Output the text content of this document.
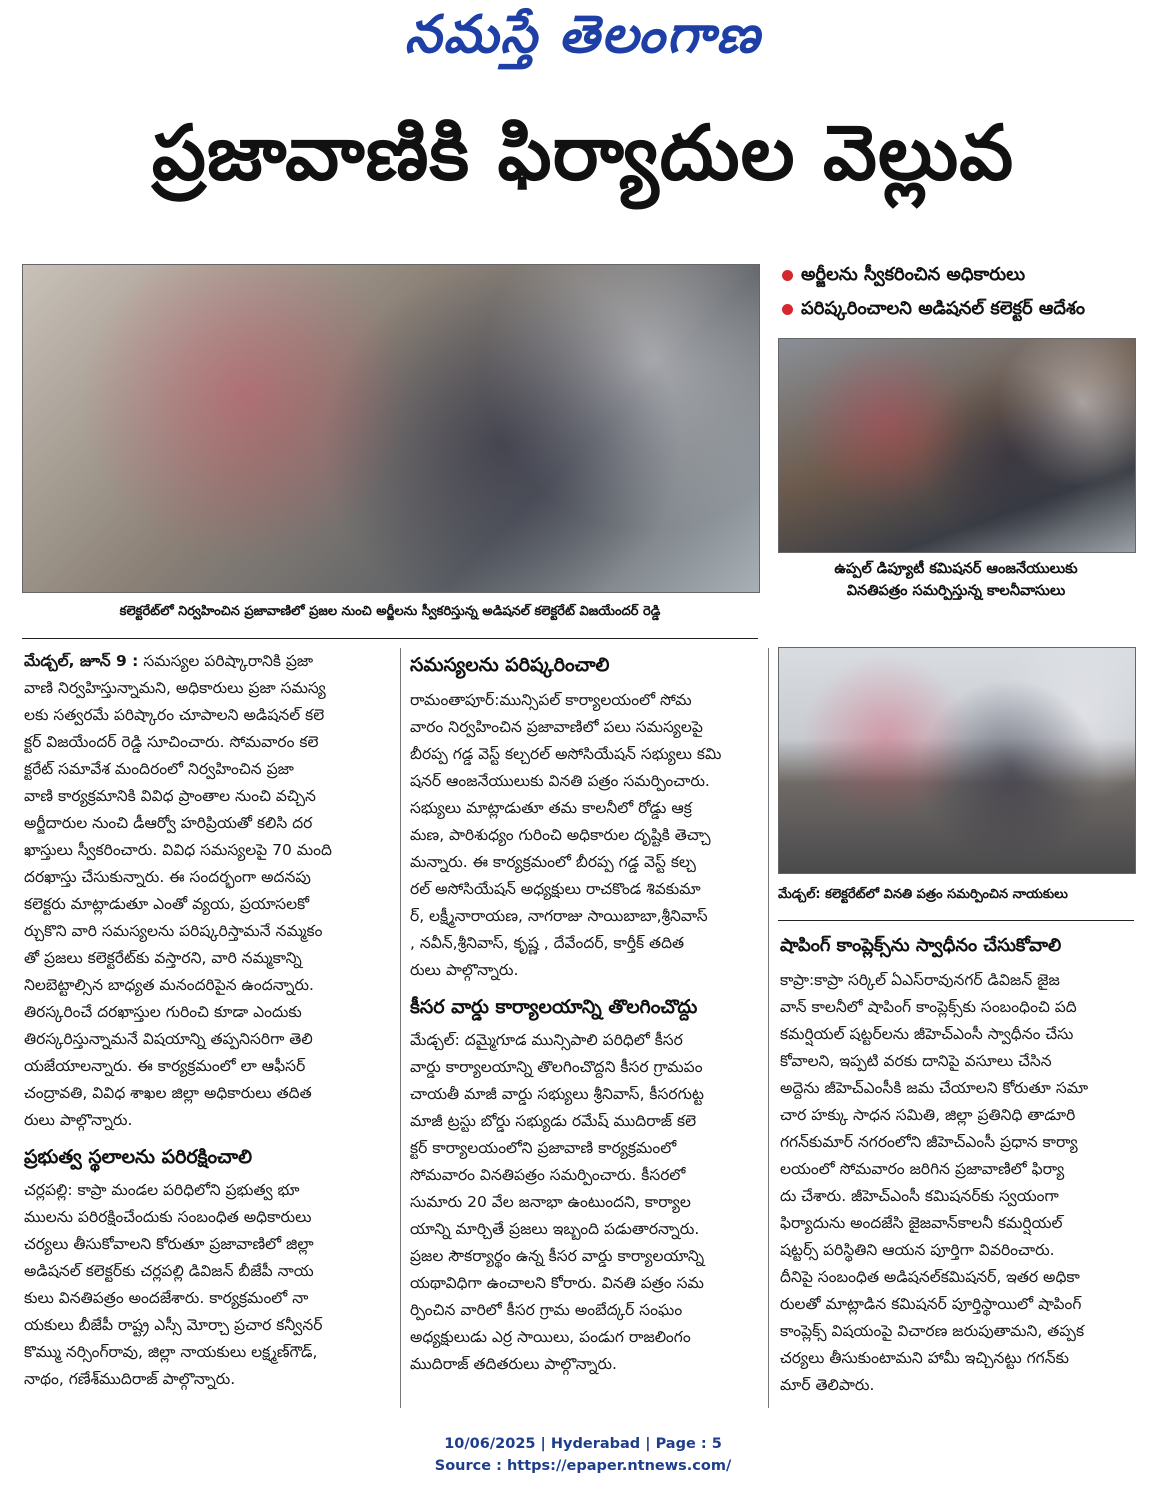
నమస్తే తెలంగాణ
ప్రజావాణికి ఫిర్యాదుల వెల్లువ
అర్జీలను స్వీకరించిన అధికారులు
పరిష్కరించాలని అడిషనల్ కలెక్టర్ ఆదేశం
ఉప్పల్ డిప్యూటీ కమిషనర్ ఆంజనేయులుకు
వినతిపత్రం సమర్పిస్తున్న కాలనీవాసులు
కలెక్టరేట్‌లో నిర్వహించిన ప్రజావాణిలో ప్రజల నుంచి అర్జీలను స్వీకరిస్తున్న అడిషనల్ కలెక్టరేట్ విజయేందర్ రెడ్డి
మేడ్చల్: కలెక్టరేట్‌లో వినతి పత్రం సమర్పించిన నాయకులు
మేడ్చల్, జూన్ 9 : సమస్యల పరిష్కారానికి ప్రజా
వాణి నిర్వహిస్తున్నామని, అధికారులు ప్రజా సమస్య
లకు సత్వరమే పరిష్కారం చూపాలని అడిషనల్ కలె
క్టర్ విజయేందర్ రెడ్డి సూచించారు. సోమవారం కలె
క్టరేట్ సమావేశ మందిరంలో నిర్వహించిన ప్రజా
వాణి కార్యక్రమానికి వివిధ ప్రాంతాల నుంచి వచ్చిన
అర్జీదారుల నుంచి డీఆర్వో హరిప్రియతో కలిసి దర
ఖాస్తులు స్వీకరించారు. వివిధ సమస్యలపై 70 మంది
దరఖాస్తు చేసుకున్నారు. ఈ సందర్భంగా అదనపు
కలెక్టరు మాట్లాడుతూ ఎంతో వ్యయ, ప్రయాసలకో
ర్చుకొని వారి సమస్యలను పరిష్కరిస్తామనే నమ్మకం
తో ప్రజలు కలెక్టరేట్‌కు వస్తారని, వారి నమ్మకాన్ని
నిలబెట్టాల్సిన బాధ్యత మనందరిపైన ఉందన్నారు.
తిరస్కరించే దరఖాస్తుల గురించి కూడా ఎందుకు
తిరస్కరిస్తున్నామనే విషయాన్ని తప్పనిసరిగా తెలి
యజేయాలన్నారు. ఈ కార్యక్రమంలో లా ఆఫీసర్
చంద్రావతి, వివిధ శాఖల జిల్లా అధికారులు తదిత
రులు పాల్గొన్నారు.
ప్రభుత్వ స్థలాలను పరిరక్షించాలి
చర్లపల్లి: కాప్రా మండల పరిధిలోని ప్రభుత్వ భూ
ములను పరిరక్షించేందుకు సంబంధిత అధికారులు
చర్యలు తీసుకోవాలని కోరుతూ ప్రజావాణిలో జిల్లా
అడిషనల్ కలెక్టర్‌కు చర్లపల్లి డివిజన్ బీజేపీ నాయ
కులు వినతిపత్రం అందజేశారు. కార్యక్రమంలో నా
యకులు బీజేపీ రాష్ట్ర ఎస్సీ మోర్చా ప్రచార కన్వీనర్
కొమ్ము నర్సింగ్‌రావు, జిల్లా నాయకులు లక్ష్మణ్‌గౌడ్,
నాథం, గణేశ్‌ముదిరాజ్ పాల్గొన్నారు.
సమస్యలను పరిష్కరించాలి
రామంతాపూర్:మున్సిపల్ కార్యాలయంలో సోమ
వారం నిర్వహించిన ప్రజావాణిలో పలు సమస్యలపై
బీరప్ప గడ్డ వెస్ట్ కల్చరల్ అసోసియేషన్ సభ్యులు కమి
షనర్ ఆంజనేయులుకు వినతి పత్రం సమర్పించారు.
సభ్యులు మాట్లాడుతూ తమ కాలనీలో రోడ్డు ఆక్ర
మణ, పారిశుధ్యం గురించి అధికారుల దృష్టికి తెచ్చా
మన్నారు. ఈ కార్యక్రమంలో బీరప్ప గడ్డ వెస్ట్ కల్చ
రల్ అసోసియేషన్ అధ్యక్షులు రాచకొండ శివకుమా
ర్, లక్ష్మీనారాయణ, నాగరాజు సాయిబాబా,శ్రీనివాస్
, నవీన్,శ్రీనివాస్, కృష్ణ , దేవేందర్, కార్తీక్ తదిత
రులు పాల్గొన్నారు.
కీసర వార్డు కార్యాలయాన్ని తొలగించొద్దు
మేడ్చల్: దమ్మైగూడ మున్సిపాలి పరిధిలో కీసర
వార్డు కార్యాలయాన్ని తొలగించొద్దని కీసర గ్రామపం
చాయతీ మాజీ వార్డు సభ్యులు శ్రీనివాస్, కీసరగుట్ట
మాజీ ట్రస్టు బోర్డు సభ్యుడు రమేష్ ముదిరాజ్ కలె
క్టర్ కార్యాలయంలోని ప్రజావాణి కార్యక్రమంలో
సోమవారం వినతిపత్రం సమర్పించారు. కీసరలో
సుమారు 20 వేల జనాభా ఉంటుందని, కార్యాల
యాన్ని మార్చితే ప్రజలు ఇబ్బంది పడుతారన్నారు.
ప్రజల సౌకర్యార్థం ఉన్న కీసర వార్డు కార్యాలయాన్ని
యథావిధిగా ఉంచాలని కోరారు. వినతి పత్రం సమ
ర్పించిన వారిలో కీసర గ్రామ అంబేద్కర్ సంఘం
అధ్యక్షులుడు ఎర్ర సాయిలు, పండుగ రాజలింగం
ముదిరాజ్ తదితరులు పాల్గొన్నారు.
షాపింగ్ కాంప్లెక్స్‌ను స్వాధీనం చేసుకోవాలి
కాప్రా:కాప్రా సర్కిల్ ఏఎస్‌రావునగర్ డివిజన్ జైజ
వాన్ కాలనీలో షాపింగ్ కాంప్లెక్స్‌కు సంబంధించి పది
కమర్షియల్ షట్టర్‌లను జీహెచ్ఎంసీ స్వాధీనం చేసు
కోవాలని, ఇప్పటి వరకు దానిపై వసూలు చేసిన
అద్దెను జీహెచ్ఎంసీకి జమ చేయాలని కోరుతూ సమా
చార హక్కు సాధన సమితి, జిల్లా ప్రతినిధి తాడూరి
గగన్‌కుమార్ నగరంలోని జీహెచ్ఎంసీ ప్రధాన కార్యా
లయంలో సోమవారం జరిగిన ప్రజావాణిలో ఫిర్యా
దు చేశారు. జీహెచ్ఎంసీ కమిషనర్‌కు స్వయంగా
ఫిర్యాదును అందజేసి జైజవాన్‌కాలనీ కమర్షియల్
షట్టర్స్ పరిస్థితిని ఆయన పూర్తిగా వివరించారు.
దీనిపై సంబంధిత అడిషనల్‌కమిషనర్, ఇతర అధికా
రులతో మాట్లాడిన కమిషనర్ పూర్తిస్థాయిలో షాపింగ్
కాంప్లెక్స్ విషయంపై విచారణ జరుపుతామని, తప్పక
చర్యలు తీసుకుంటామని హామీ ఇచ్చినట్టు గగన్‌కు
మార్ తెలిపారు.
10/06/2025 | Hyderabad | Page : 5
Source : https://epaper.ntnews.com/
